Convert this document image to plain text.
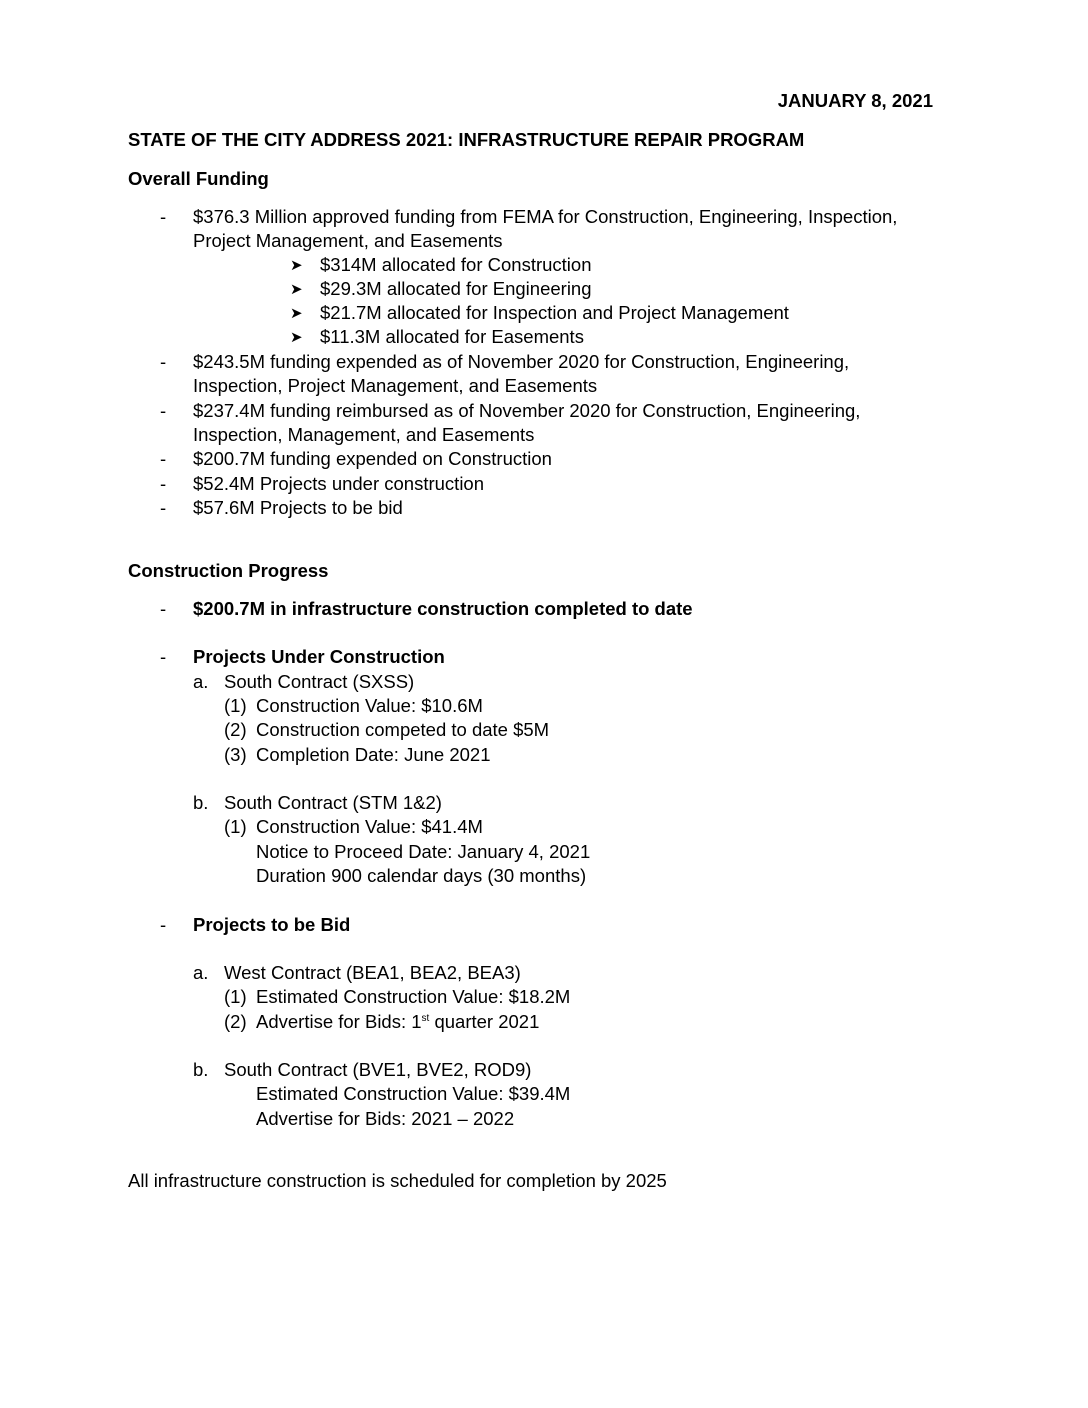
JANUARY 8, 2021
STATE OF THE CITY ADDRESS 2021: INFRASTRUCTURE REPAIR PROGRAM
Overall Funding
- $376.3 Million approved funding from FEMA for Construction, Engineering, Inspection,
Project Management, and Easements
➤ $314M allocated for Construction
➤ $29.3M allocated for Engineering
➤ $21.7M allocated for Inspection and Project Management
➤ $11.3M allocated for Easements
- $243.5M funding expended as of November 2020 for Construction, Engineering,
Inspection, Project Management, and Easements
- $237.4M funding reimbursed as of November 2020 for Construction, Engineering,
Inspection, Management, and Easements
- $200.7M funding expended on Construction
- $52.4M Projects under construction
- $57.6M Projects to be bid
Construction Progress
- $200.7M in infrastructure construction completed to date
- Projects Under Construction
a. South Contract (SXSS)
(1) Construction Value: $10.6M
(2) Construction competed to date $5M
(3) Completion Date: June 2021
b. South Contract (STM 1&2)
(1) Construction Value: $41.4M
Notice to Proceed Date: January 4, 2021
Duration 900 calendar days (30 months)
- Projects to be Bid
a. West Contract (BEA1, BEA2, BEA3)
(1) Estimated Construction Value: $18.2M
(2) Advertise for Bids: 1st quarter 2021
b. South Contract (BVE1, BVE2, ROD9)
Estimated Construction Value: $39.4M
Advertise for Bids: 2021 – 2022
All infrastructure construction is scheduled for completion by 2025
